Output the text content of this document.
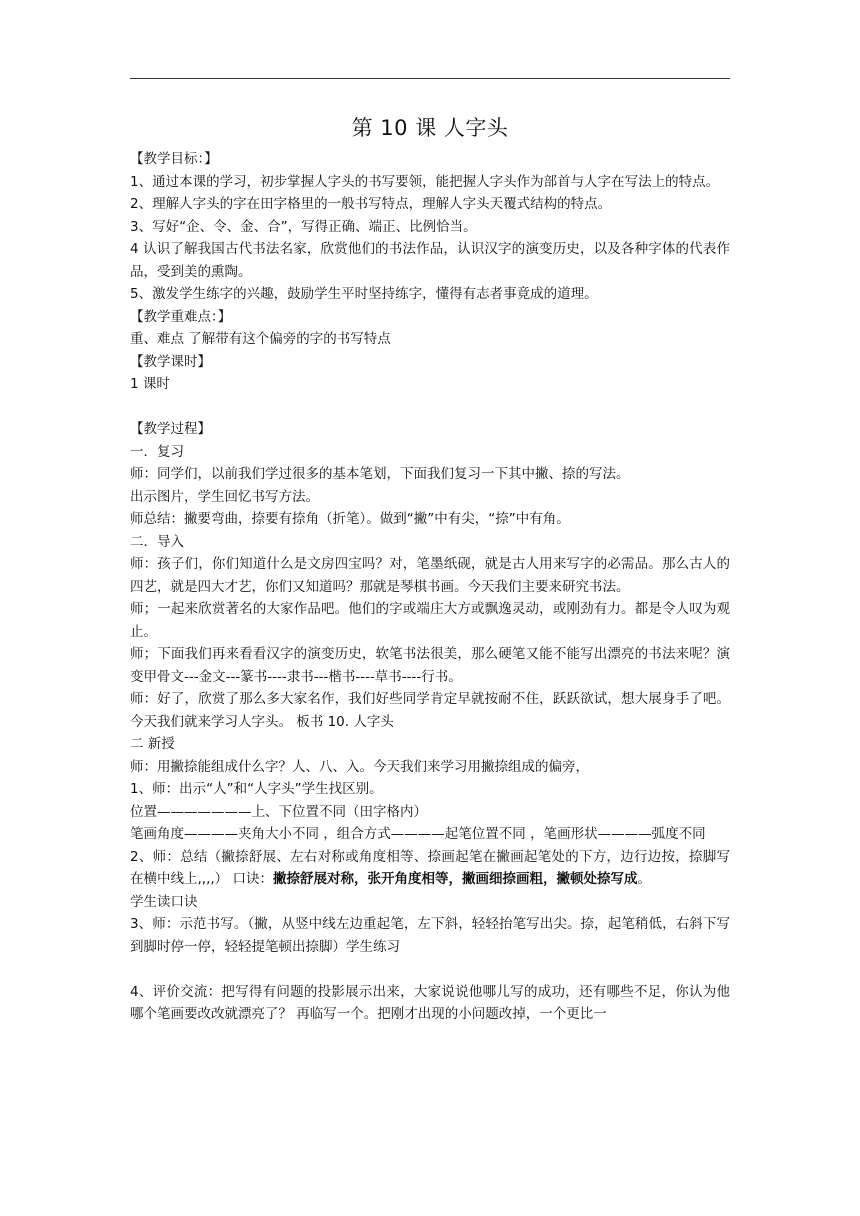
第 10 课 人字头

【教学目标：】

1、通过本课的学习，初步掌握人字头的书写要领，能把握人字头作为部首与人字在写法上的特点。

2、理解人字头的字在田字格里的一般书写特点，理解人字头天覆式结构的特点。

3、写好“企、令、金、合”，写得正确、端正、比例恰当。

4 认识了解我国古代书法名家，欣赏他们的书法作品，认识汉字的演变历史，以及各种字体的代表作品，受到美的熏陶。

5、激发学生练字的兴趣，鼓励学生平时坚持练字，懂得有志者事竟成的道理。

【教学重难点：】

重、难点 了解带有这个偏旁的字的书写特点

【教学课时】

1 课时

【教学过程】

一．复习

师：同学们，以前我们学过很多的基本笔划，下面我们复习一下其中撇、捺的写法。

出示图片，学生回忆书写方法。

师总结：撇要弯曲，捺要有捺角（折笔）。做到“撇”中有尖，“捺”中有角。

二．导入

师：孩子们，你们知道什么是文房四宝吗？对，笔墨纸砚，就是古人用来写字的必需品。那么古人的四艺，就是四大才艺，你们又知道吗？那就是琴棋书画。今天我们主要来研究书法。

师；一起来欣赏著名的大家作品吧。他们的字或端庄大方或飘逸灵动，或刚劲有力。都是令人叹为观止。

师；下面我们再来看看汉字的演变历史，软笔书法很美，那么硬笔又能不能写出漂亮的书法来呢？演变甲骨文---金文---篆书----隶书---楷书----草书----行书。

师：好了，欣赏了那么多大家名作，我们好些同学肯定早就按耐不住，跃跃欲试，想大展身手了吧。今天我们就来学习人字头。 板书 10. 人字头

二 新授

师：用撇捺能组成什么字？人、八、入。今天我们来学习用撇捺组成的偏旁，

1、师：出示“人”和“人字头”学生找区别。

位置———————上、下位置不同（田字格内）

笔画角度————夹角大小不同 ，组合方式————起笔位置不同 ，笔画形状————弧度不同

2、师：总结（撇捺舒展、左右对称或角度相等、捺画起笔在撇画起笔处的下方，边行边按，捺脚写在横中线上,,,,） 口诀：撇捺舒展对称，张开角度相等，撇画细捺画粗，撇顿处捺写成。

学生读口诀

3、师：示范书写。（撇，从竖中线左边重起笔，左下斜，轻轻抬笔写出尖。捺，起笔稍低，右斜下写到脚时停一停，轻轻提笔顿出捺脚）学生练习

4、评价交流：把写得有问题的投影展示出来，大家说说他哪儿写的成功，还有哪些不足，你认为他哪个笔画要改改就漂亮了？ 再临写一个。把刚才出现的小问题改掉，一个更比一
